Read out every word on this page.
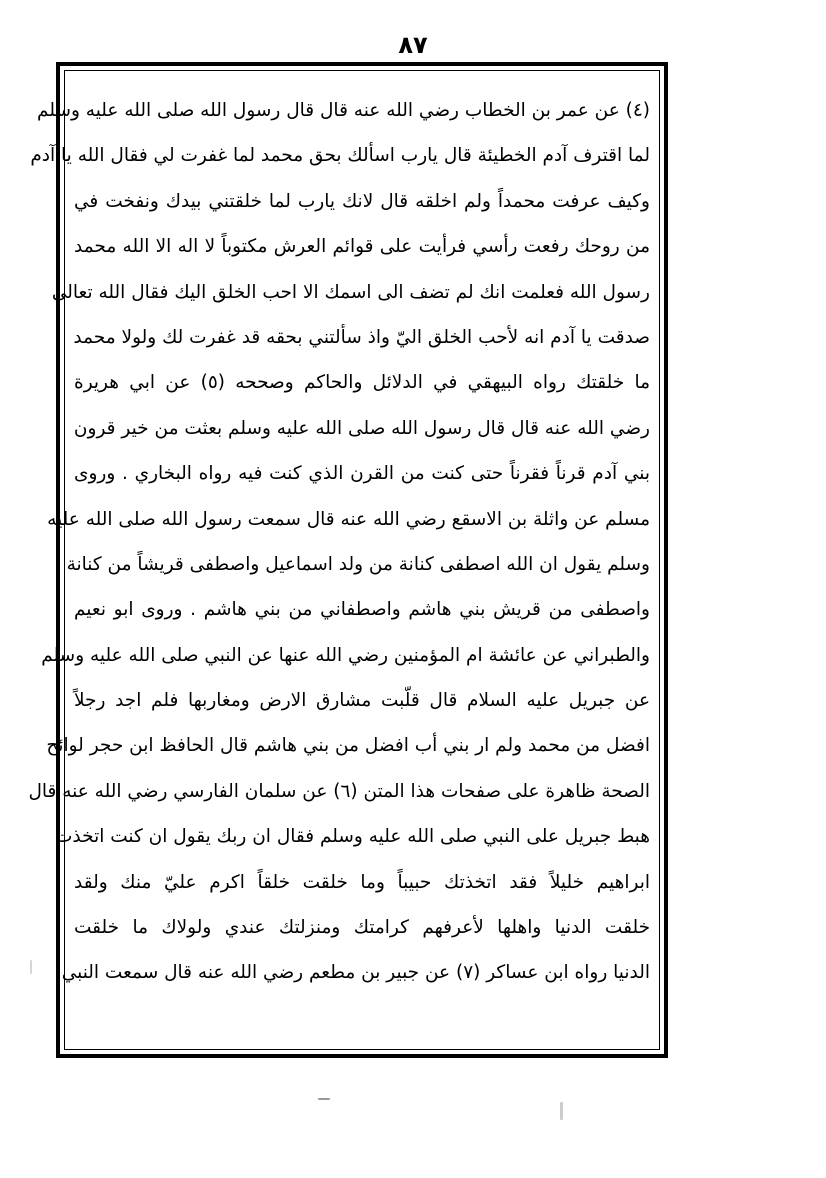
٨٧
(٤) عن عمر بن الخطاب رضي الله عنه قال قال رسول الله صلى الله عليه وسلم
لما اقترف آدم الخطيئة قال يارب اسألك بحق محمد لما غفرت لي فقال الله يا آدم
وكيف عرفت محمداً ولم اخلقه قال لانك يارب لما خلقتني بيدك ونفخت في
من روحك رفعت رأسي فرأيت على قوائم العرش مكتوباً لا اله الا الله محمد
رسول الله فعلمت انك لم تضف الى اسمك الا احب الخلق اليك فقال الله تعالى
صدقت يا آدم انه لأحب الخلق اليّ واذ سألتني بحقه قد غفرت لك ولولا محمد
ما خلقتك رواه البيهقي في الدلائل والحاكم وصححه (٥) عن ابي هريرة
رضي الله عنه قال قال رسول الله صلى الله عليه وسلم بعثت من خير قرون
بني آدم قرناً فقرناً حتى كنت من القرن الذي كنت فيه رواه البخاري . وروى
مسلم عن واثلة بن الاسقع رضي الله عنه قال سمعت رسول الله صلى الله عليه
وسلم يقول ان الله اصطفى كنانة من ولد اسماعيل واصطفى قريشاً من كنانة
واصطفى من قريش بني هاشم واصطفاني من بني هاشم . وروى ابو نعيم
والطبراني عن عائشة ام المؤمنين رضي الله عنها عن النبي صلى الله عليه وسلم
عن جبريل عليه السلام قال قلّبت مشارق الارض ومغاربها فلم اجد رجلاً
افضل من محمد ولم ار بني أب افضل من بني هاشم قال الحافظ ابن حجر لوائح
الصحة ظاهرة على صفحات هذا المتن (٦) عن سلمان الفارسي رضي الله عنه قال
هبط جبريل على النبي صلى الله عليه وسلم فقال ان ربك يقول ان كنت اتخذت
ابراهيم خليلاً فقد اتخذتك حبيباً وما خلقت خلقاً اكرم عليّ منك ولقد
خلقت الدنيا واهلها لأعرفهم كرامتك ومنزلتك عندي ولولاك ما خلقت
الدنيا رواه ابن عساكر (٧) عن جبير بن مطعم رضي الله عنه قال سمعت النبي
